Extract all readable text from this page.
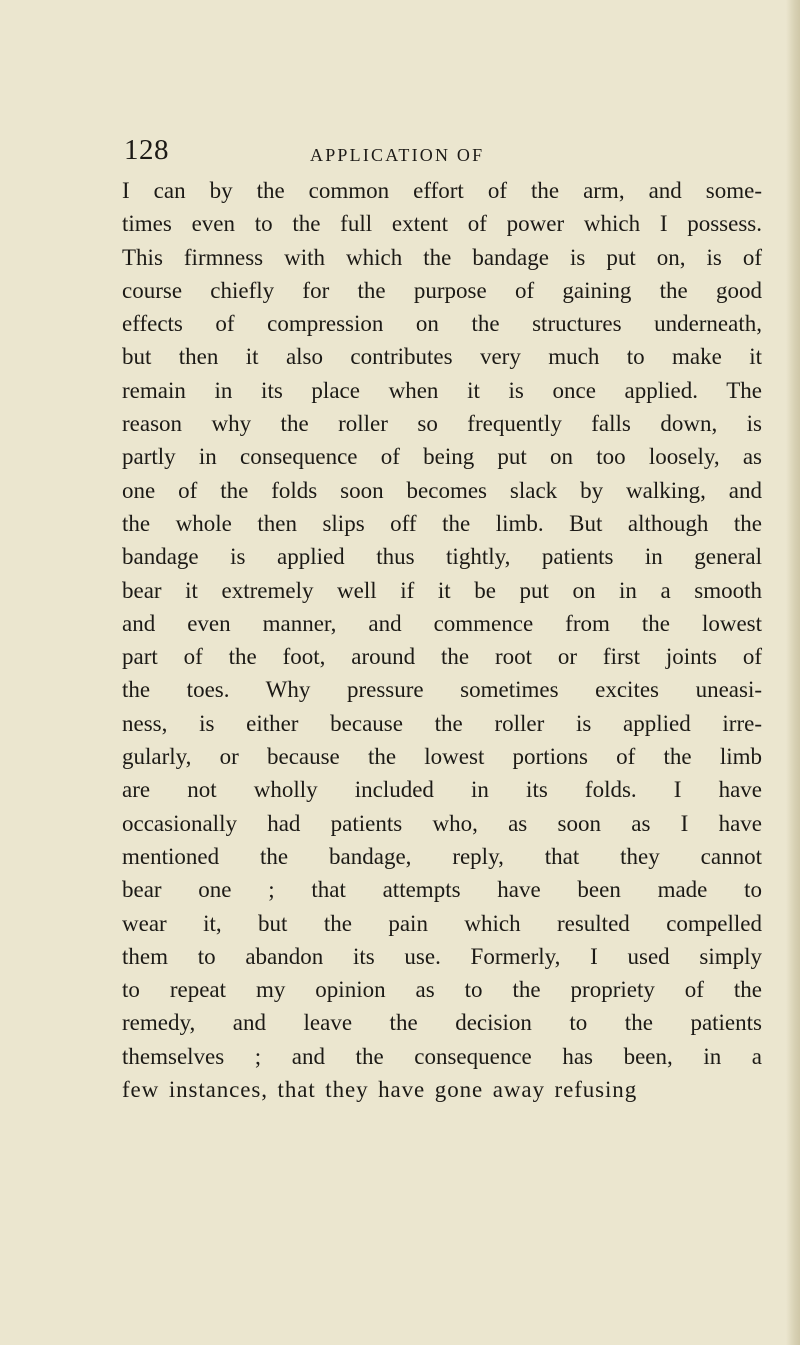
128	APPLICATION OF
I can by the common effort of the arm, and some-
times even to the full extent of power which I possess.
This firmness with which the bandage is put on, is of
course chiefly for the purpose of gaining the good
effects of compression on the structures underneath,
but then it also contributes very much to make it
remain in its place when it is once applied. The
reason why the roller so frequently falls down, is
partly in consequence of being put on too loosely, as
one of the folds soon becomes slack by walking, and
the whole then slips off the limb. But although the
bandage is applied thus tightly, patients in general
bear it extremely well if it be put on in a smooth
and even manner, and commence from the lowest
part of the foot, around the root or first joints of
the toes. Why pressure sometimes excites uneasi-
ness, is either because the roller is applied irre-
gularly, or because the lowest portions of the limb
are not wholly included in its folds. I have
occasionally had patients who, as soon as I have
mentioned the bandage, reply, that they cannot
bear one ; that attempts have been made to
wear it, but the pain which resulted compelled
them to abandon its use. Formerly, I used simply
to repeat my opinion as to the propriety of the
remedy, and leave the decision to the patients
themselves ; and the consequence has been, in a
few instances, that they have gone away refusing
